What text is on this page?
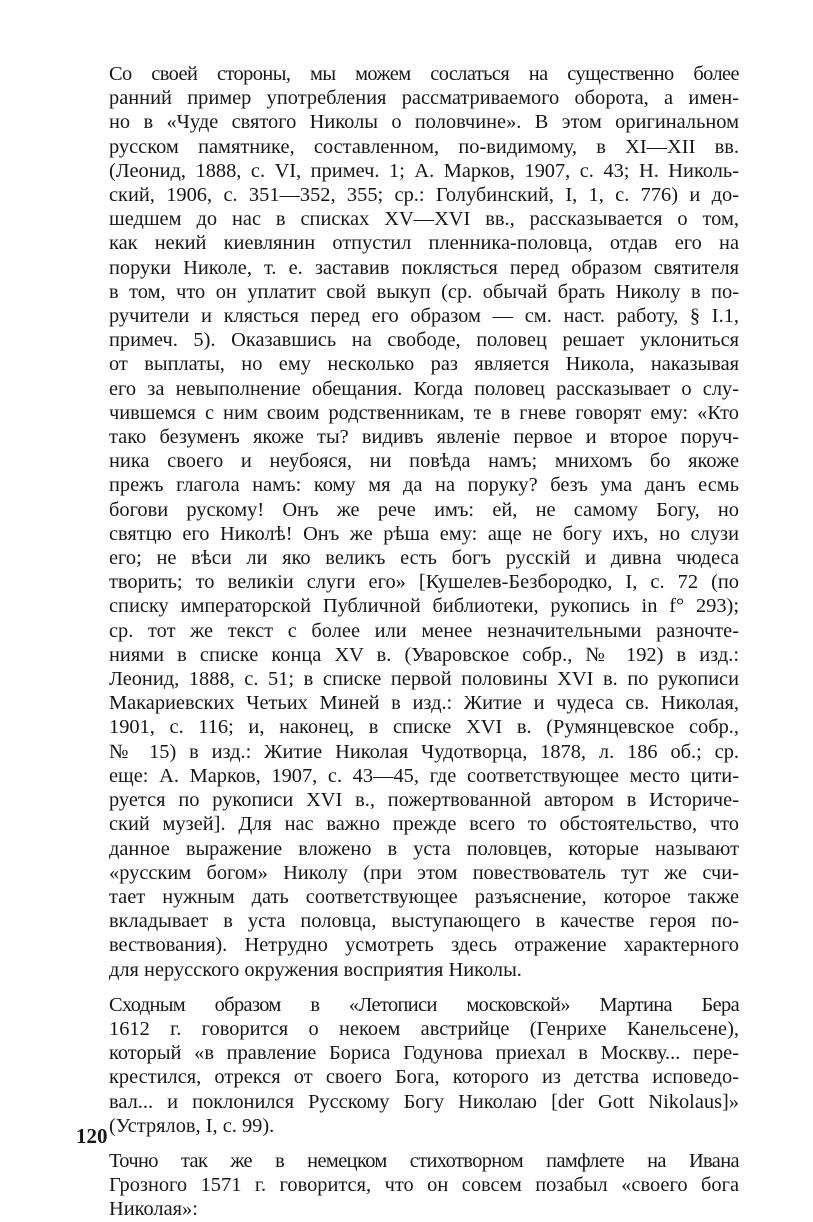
Со своей стороны, мы можем сослаться на существенно более
ранний пример употребления рассматриваемого оборота, а имен-
но в «Чуде святого Николы о половчине». В этом оригинальном
русском памятнике, составленном, по-видимому, в XI—XII вв.
(Леонид, 1888, с. VI, примеч. 1; А. Марков, 1907, с. 43; Н. Николь-
ский, 1906, с. 351—352, 355; ср.: Голубинский, I, 1, с. 776) и до-
шедшем до нас в списках XV—XVI вв., рассказывается о том,
как некий киевлянин отпустил пленника-половца, отдав его на
поруки Николе, т. е. заставив поклясться перед образом святителя
в том, что он уплатит свой выкуп (ср. обычай брать Николу в по-
ручители и клясться перед его образом — см. наст. работу, § I.1,
примеч. 5). Оказавшись на свободе, половец решает уклониться
от выплаты, но ему несколько раз является Никола, наказывая
его за невыполнение обещания. Когда половец рассказывает о слу-
чившемся с ним своим родственникам, те в гневе говорят ему: «Кто
тако безуменъ якоже ты? видивъ явленіе первое и второе поруч-
ника своего и неубояся, ни повѣда намъ; мнихомъ бо якоже
прежъ глагола намъ: кому мя да на поруку? безъ ума данъ есмь
богови рускому! Онъ же рече имъ: ей, не самому Богу, но
святцю его Николѣ! Онъ же рѣша ему: аще не богу ихъ, но слузи
его; не вѣси ли яко великъ есть богъ русскій и дивна чюдеса
творить; то великіи слуги его» [Кушелев-Безбородко, I, с. 72 (по
списку императорской Публичной библиотеки, рукопись in f° 293);
ср. тот же текст с более или менее незначительными разночте-
ниями в списке конца XV в. (Уваровское собр., № 192) в изд.:
Леонид, 1888, с. 51; в списке первой половины XVI в. по рукописи
Макариевских Четьих Миней в изд.: Житие и чудеса св. Николая,
1901, с. 116; и, наконец, в списке XVI в. (Румянцевское собр.,
№ 15) в изд.: Житие Николая Чудотворца, 1878, л. 186 об.; ср.
еще: А. Марков, 1907, с. 43—45, где соответствующее место цити-
руется по рукописи XVI в., пожертвованной автором в Историче-
ский музей]. Для нас важно прежде всего то обстоятельство, что
данное выражение вложено в уста половцев, которые называют
«русским богом» Николу (при этом повествователь тут же счи-
тает нужным дать соответствующее разъяснение, которое также
вкладывает в уста половца, выступающего в качестве героя по-
вествования). Нетрудно усмотреть здесь отражение характерного
для нерусского окружения восприятия Николы.
Сходным образом в «Летописи московской» Мартина Бера
1612 г. говорится о некоем австрийце (Генрихе Канельсене),
который «в правление Бориса Годунова приехал в Москву... пере-
крестился, отрекся от своего Бога, которого из детства исповедо-
вал... и поклонился Русскому Богу Николаю [der Gott Nikolaus]»
(Устрялов, I, с. 99).
Точно так же в немецком стихотворном памфлете на Ивана
Грозного 1571 г. говорится, что он совсем позабыл «своего бога
Николая»:
120
